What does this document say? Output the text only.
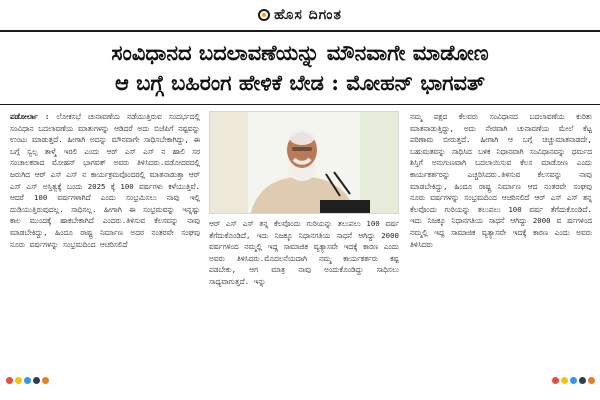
ಹೊಸ ದಿಗಂತ
ಸಂವಿಧಾನದ ಬದಲಾವಣೆಯನ್ನು ಮೌನವಾಗೇ ಮಾಡೋಣ
ಆ ಬಗ್ಗೆ ಬಹಿರಂಗ ಹೇಳಿಕೆ ಬೇಡ : ಮೋಹನ್ ಭಾಗವತ್
ಪಡೋರ್ಲಾ : ಲೋಕಸಭೆ ಚುನಾವಣೆಯ ನಡೆಯುತ್ತಿರುವ ಸಂದರ್ಭದಲ್ಲಿ ಸಂವಿಧಾನ ಬದಲಾವಣೆಯ ಮಾತುಗಳನ್ನು ಆಡಿದರೆ ಅದು ಬಿಜೆಪಿಗೆ ನಷ್ಟವನ್ನು ಉಂಟು ಮಾಡುತ್ತದೆ. ಹೀಗಾಗಿ ಅದನ್ನು ಮೌನವಾಗೇ ಸಾಧಿಸಬೇಕಾಗಿದ್ದು, ಈ ಬಗ್ಗೆ ಸ್ವಲ್ಪ ತಾಳ್ಮೆ ಇರಲಿ ಎಂದು ಆರ್ ಎಸ್ ಎಸ್ ನ ಹಾಲಿ ಸರ ಸಂಚಾಲಕರಾದ ಮೋಹನ್ ಭಾಗವತ್ ಅವರು ತಿಳಿಸಿದರು.ವಡೋದರದಲ್ಲಿ ಜರುಗಿದ ಆರ್ ಎಸ್ ಎಸ್ ನ ಕಾರ್ಯಕ್ರಮವೊಂದರಲ್ಲಿ ಮಾತನಾಡುತ್ತಾ ಆರ್ ಎಸ್ ಎಸ್ ಅಸ್ತಿತ್ವಕ್ಕೆ ಬಂದು 2025 ಕ್ಕೆ 100 ವರ್ಷಗಳು ಕಳೆಯುತ್ತಿವೆ. ಆದರೆ 100 ವರ್ಷಗಳಾಗಿದೆ ಎಂದು ಸಂಭ್ರಮಿಸಲು ನಾವು ಇಲ್ಲಿ ದುಡಿಯುತ್ತಿರುವುದಲ್ಲ. ಸಾಧಿಸಲ್ಲ. ಹೀಗಾಗಿ ಈ ಸಂಭ್ರಮವನ್ನು ಇನ್ನಷ್ಟು ಕಾಲ ಮುಂದಕ್ಕೆ ಹಾಕಬೇಕಾಗಿದೆ ಎಂದರು.ತಿಳಿಸುವ ಕೆಲಸವನ್ನು ನಾವು ಮಾಡಬೇಕಿದ್ದು, ಹಿಂದೂ ರಾಷ್ಟ್ರ ನಿರ್ಮಾಣ ಅದರ ನಂತರವೇ ಸಂಘವು ನೂರು ವರ್ಷಗಳನ್ನು ಸಂಭ್ರಮದಿಂದ ಆಚರಿಸಲಿದೆ
ಆರ್ ಎಸ್ ಎಸ್ ತನ್ನ ಕೆಲವೊಂದು ಗುರಿಯನ್ನು ತಲುಪಲು 100 ವರ್ಷ ತೆಗೆದುಕೊಂಡಿದೆ, ಇದು ನಿಜಕ್ಕೂ ನಿಧಾನಗತಿಯ ಸಾಧನೆ ಆಗಿದ್ದು 2000 ವರ್ಷಗಳಿಂದ ನಮ್ಮಲ್ಲಿ ಇದ್ದ ಸಾಮಾಜಿಕ ವ್ಯತ್ಯಾಸವೇ ಇದಕ್ಕೆ ಕಾರಣ ಎಂದು ಅವರು ತಿಳಿಸಿದರು.ಮೊದಲನೆಯದಾಗಿ ನಮ್ಮ ಕಾರ್ಯಕರ್ತರು ಕಷ್ಟ ಪಡಬೇಕು, ಆಗ ಮಾತ್ರ ನಾವು ಅಂದುಕೊಂಡಿದ್ದು ಸಾಧಿಸಲು ಸಾಧ್ಯವಾಗುತ್ತದೆ. ಇನ್ನು
ನಮ್ಮ ಪಕ್ಷದ ಕೆಲವರು ಸಂವಿಧಾನದ ಬದಲಾವಣೆಯ ಕುರಿತು ಮಾತನಾಡುತ್ತಿದ್ದು, ಅದು ನೇರವಾಗಿ ಚುನಾವಣೆಯ ಮೇಲೆ ಕೆಟ್ಟ ಪರಿಣಾಮ ಬೀರುತ್ತದೆ. ಹೀಗಾಗಿ ಆ ಬಗ್ಗೆ ಚಿಚ್ಚುಮಾತನಾಡದೇ, ಬಹುಮತವನ್ನು ಸಾಧಿಸಿದ ಬಳಿಕ ನಿಧಾನವಾಗಿ ಸಂವಿಧಾನವನ್ನು ಧರ್ಮದ ಶಿಸ್ತಿಗೆ ಅನುಗುಣವಾಗಿ ಬದಲಾಯಿಸುವ ಕೆಲಸ ಮಾಡೋಣ ಎಂದು ಕಾರ್ಯಕರ್ತರನ್ನು ಎಚ್ಚರಿಸಿದರು.ತಿಳಿಸುವ ಕೆಲಸವನ್ನು ನಾವು ಮಾಡಬೇಕಿದ್ದು, ಹಿಂದೂ ರಾಷ್ಟ್ರ ನಿರ್ಮಾಣ ಆದ ನಂತರವೇ ಸಂಘವು ನೂರು ವರ್ಷಗಳನ್ನು ಸಂಭ್ರಮದಿಂದ ಆಚರಿಸಲಿದೆ ಆರ್ ಎಸ್ ಎಸ್ ತನ್ನ ಕೆಲವೊಂದು ಗುರಿಯನ್ನು ತಲುಪಲು 100 ವರ್ಷ ತೆಗೆದುಕೊಂಡಿದೆ. ಇದು ನಿಜಕ್ಕೂ ನಿಧಾನಗತಿಯ ಸಾಧನೆ ಆಗಿದ್ದು 2000 ವ ರ್ಷಗಳಿಂದ ನಮ್ಮಲ್ಲಿ ಇದ್ದ ಸಾಮಾಜಿಕ ವ್ಯತ್ಯಾಸವೇ ಇದಕ್ಕೆ ಕಾರಣ ಎಂದು ಅವರು ತಿಳಿಸಿದರು
